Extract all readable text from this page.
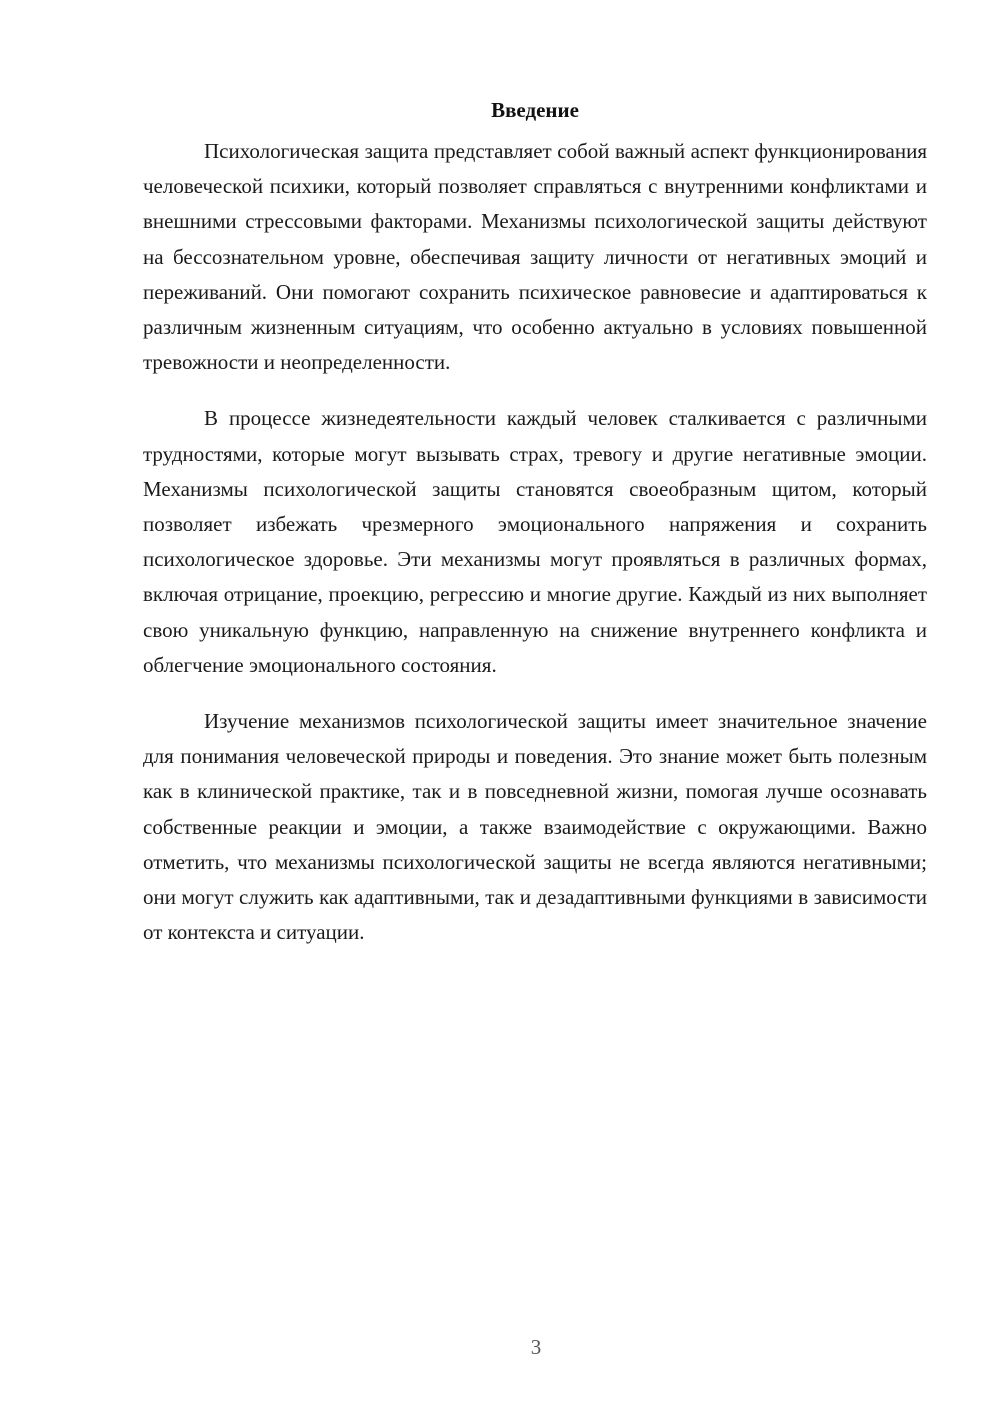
Введение

Психологическая защита представляет собой важный аспект функционирования человеческой психики, который позволяет справляться с внутренними конфликтами и внешними стрессовыми факторами. Механизмы психологической защиты действуют на бессознательном уровне, обеспечивая защиту личности от негативных эмоций и переживаний. Они помогают сохранить психическое равновесие и адаптироваться к различным жизненным ситуациям, что особенно актуально в условиях повышенной тревожности и неопределенности.

В процессе жизнедеятельности каждый человек сталкивается с различными трудностями, которые могут вызывать страх, тревогу и другие негативные эмоции. Механизмы психологической защиты становятся своеобразным щитом, который позволяет избежать чрезмерного эмоционального напряжения и сохранить психологическое здоровье. Эти механизмы могут проявляться в различных формах, включая отрицание, проекцию, регрессию и многие другие. Каждый из них выполняет свою уникальную функцию, направленную на снижение внутреннего конфликта и облегчение эмоционального состояния.

Изучение механизмов психологической защиты имеет значительное значение для понимания человеческой природы и поведения. Это знание может быть полезным как в клинической практике, так и в повседневной жизни, помогая лучше осознавать собственные реакции и эмоции, а также взаимодействие с окружающими. Важно отметить, что механизмы психологической защиты не всегда являются негативными; они могут служить как адаптивными, так и дезадаптивными функциями в зависимости от контекста и ситуации.

3
